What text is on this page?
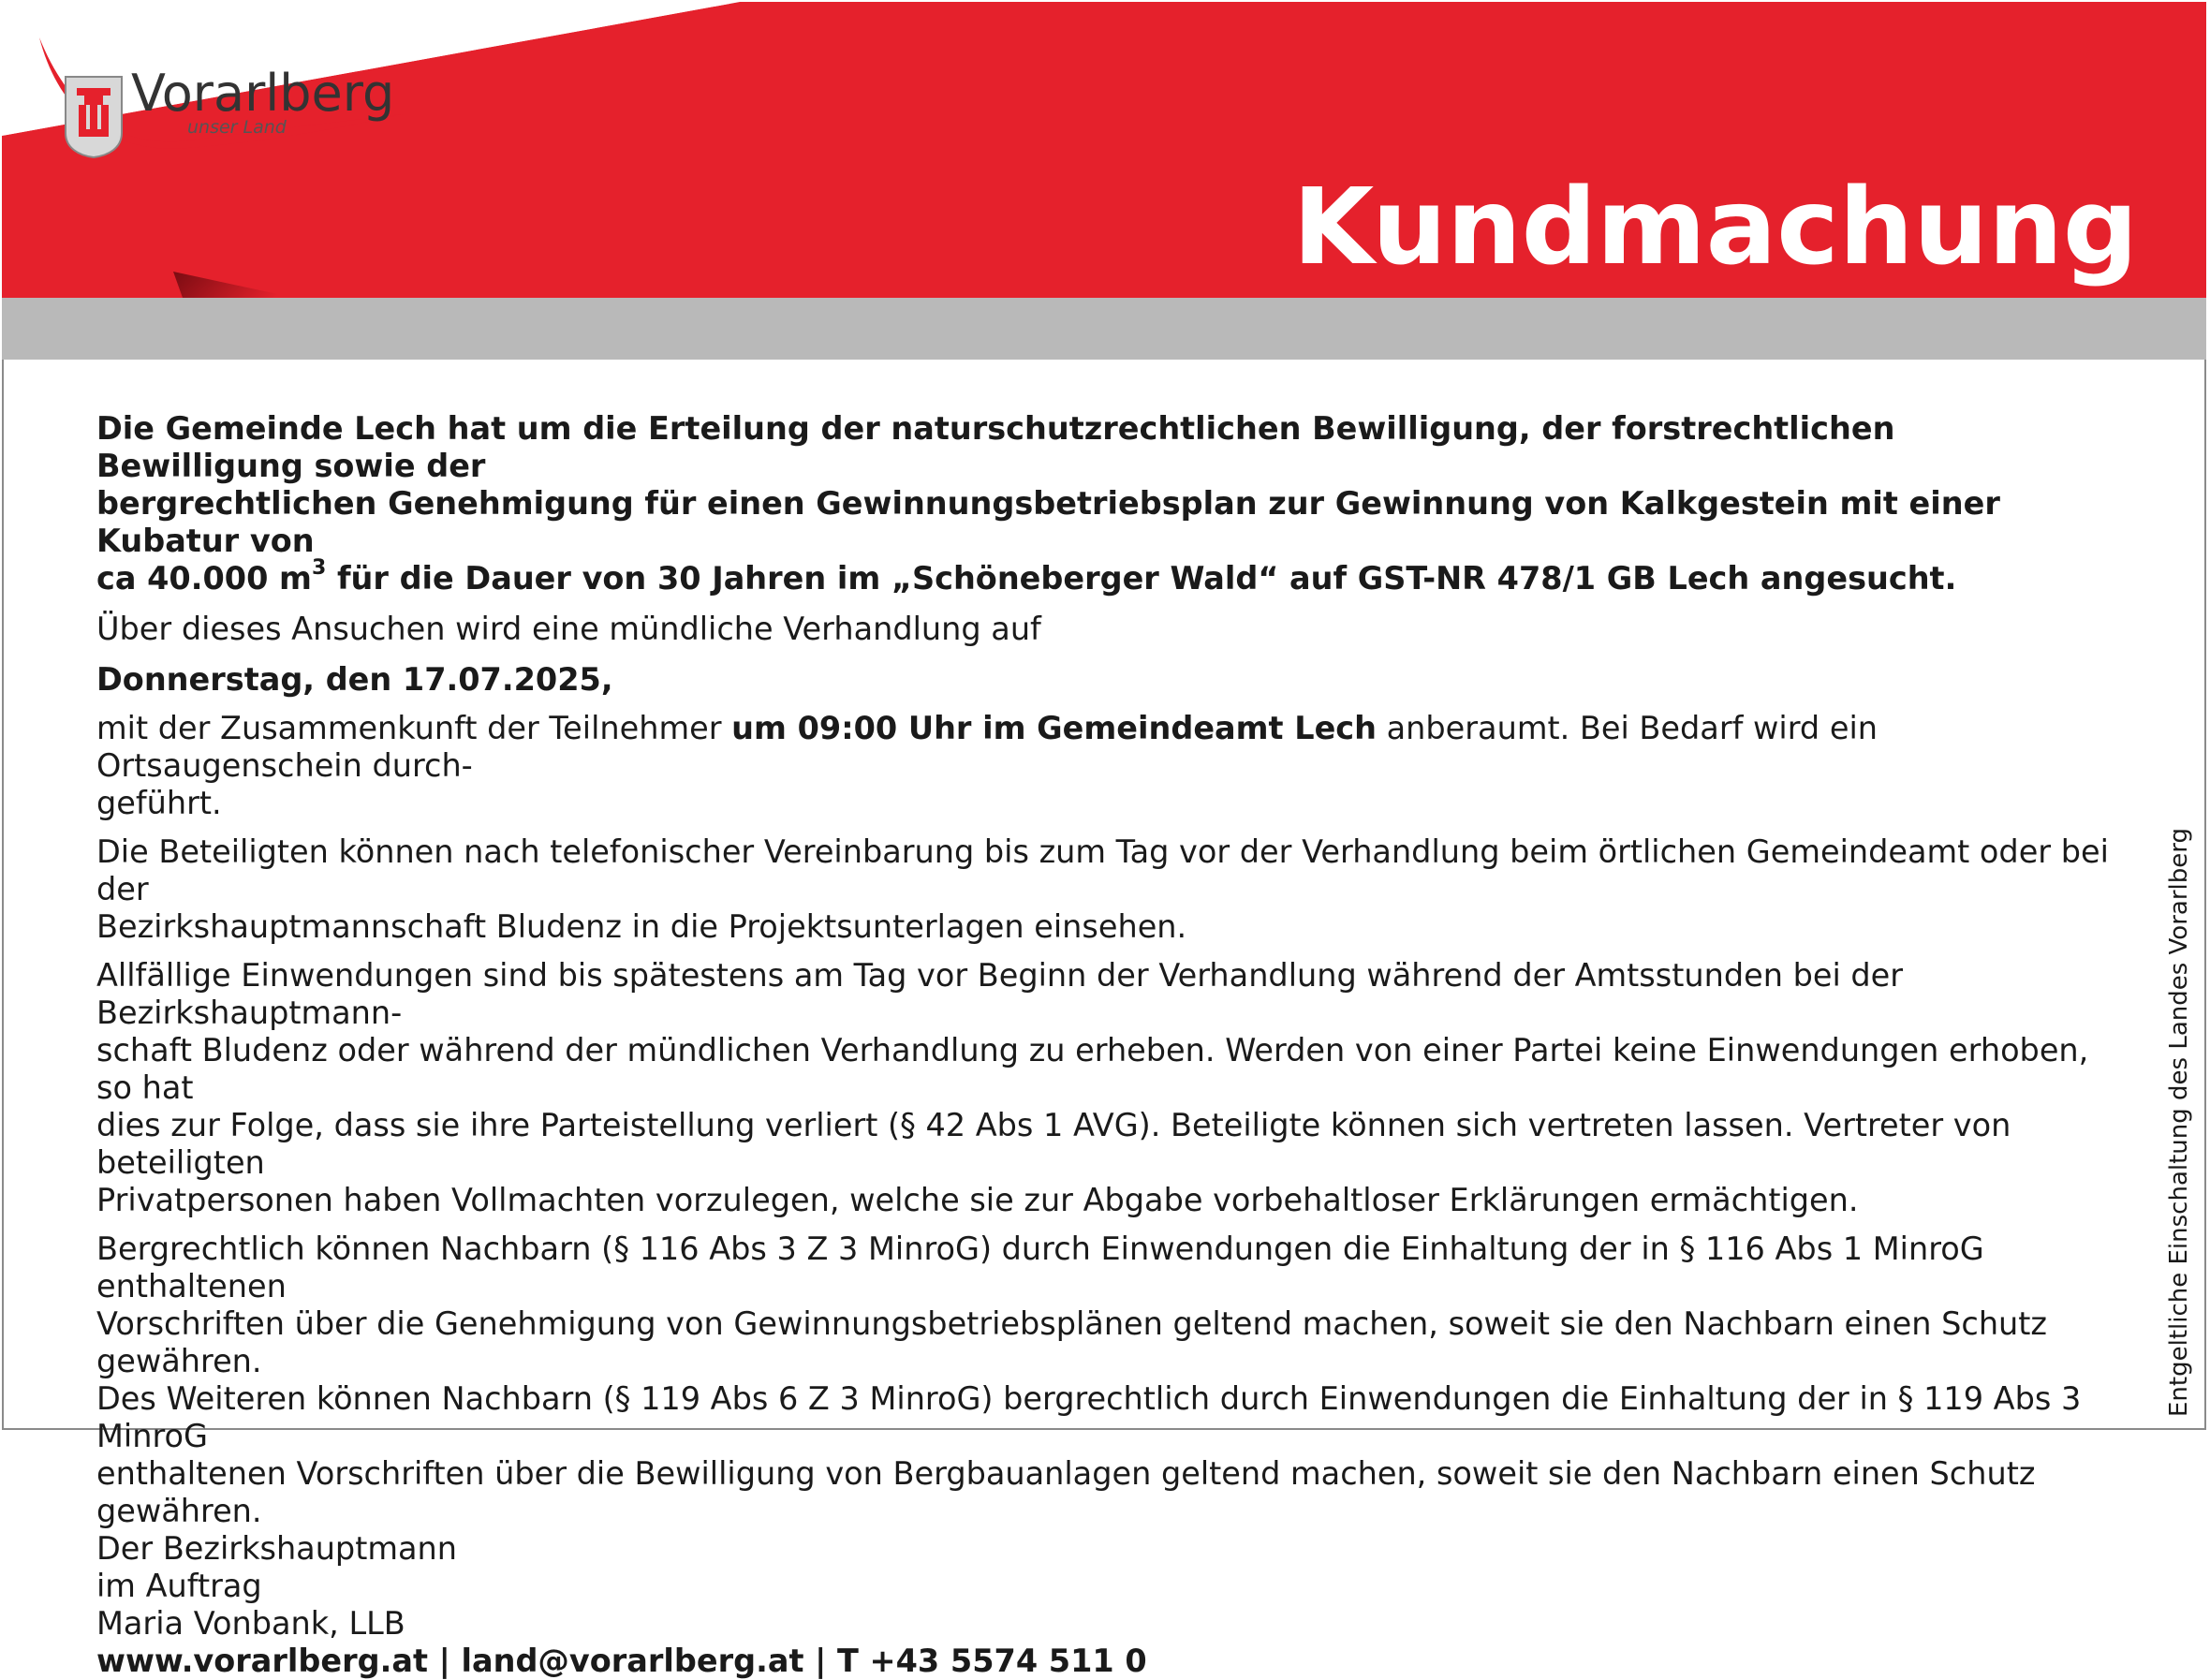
Vorarlberg
unser Land
Kundmachung

Die Gemeinde Lech hat um die Erteilung der naturschutzrechtlichen Bewilligung, der forstrechtlichen Bewilligung sowie der
bergrechtlichen Genehmigung für einen Gewinnungsbetriebsplan zur Gewinnung von Kalkgestein mit einer Kubatur von
ca 40.000 $m^3$ für die Dauer von 30 Jahren im „Schöneberger Wald“ auf GST-NR 478/1 GB Lech angesucht.

Über dieses Ansuchen wird eine mündliche Verhandlung auf

Donnerstag, den 17.07.2025,

mit der Zusammenkunft der Teilnehmer um 09:00 Uhr im Gemeindeamt Lech anberaumt. Bei Bedarf wird ein Ortsaugenschein durch-
geführt.

Die Beteiligten können nach telefonischer Vereinbarung bis zum Tag vor der Verhandlung beim örtlichen Gemeindeamt oder bei der
Bezirkshauptmannschaft Bludenz in die Projektsunterlagen einsehen.

Allfällige Einwendungen sind bis spätestens am Tag vor Beginn der Verhandlung während der Amtsstunden bei der Bezirkshauptmann-
schaft Bludenz oder während der mündlichen Verhandlung zu erheben. Werden von einer Partei keine Einwendungen erhoben, so hat
dies zur Folge, dass sie ihre Parteistellung verliert (§ 42 Abs 1 AVG). Beteiligte können sich vertreten lassen. Vertreter von beteiligten
Privatpersonen haben Vollmachten vorzulegen, welche sie zur Abgabe vorbehaltloser Erklärungen ermächtigen.

Bergrechtlich können Nachbarn (§ 116 Abs 3 Z 3 MinroG) durch Einwendungen die Einhaltung der in § 116 Abs 1 MinroG enthaltenen
Vorschriften über die Genehmigung von Gewinnungsbetriebsplänen geltend machen, soweit sie den Nachbarn einen Schutz gewähren.
Des Weiteren können Nachbarn (§ 119 Abs 6 Z 3 MinroG) bergrechtlich durch Einwendungen die Einhaltung der in § 119 Abs 3 MinroG
enthaltenen Vorschriften über die Bewilligung von Bergbauanlagen geltend machen, soweit sie den Nachbarn einen Schutz gewähren.

Der Bezirkshauptmann
im Auftrag
Maria Vonbank, LLB

www.vorarlberg.at | land@vorarlberg.at | T +43 5574 511 0

Entgeltliche Einschaltung des Landes Vorarlberg
